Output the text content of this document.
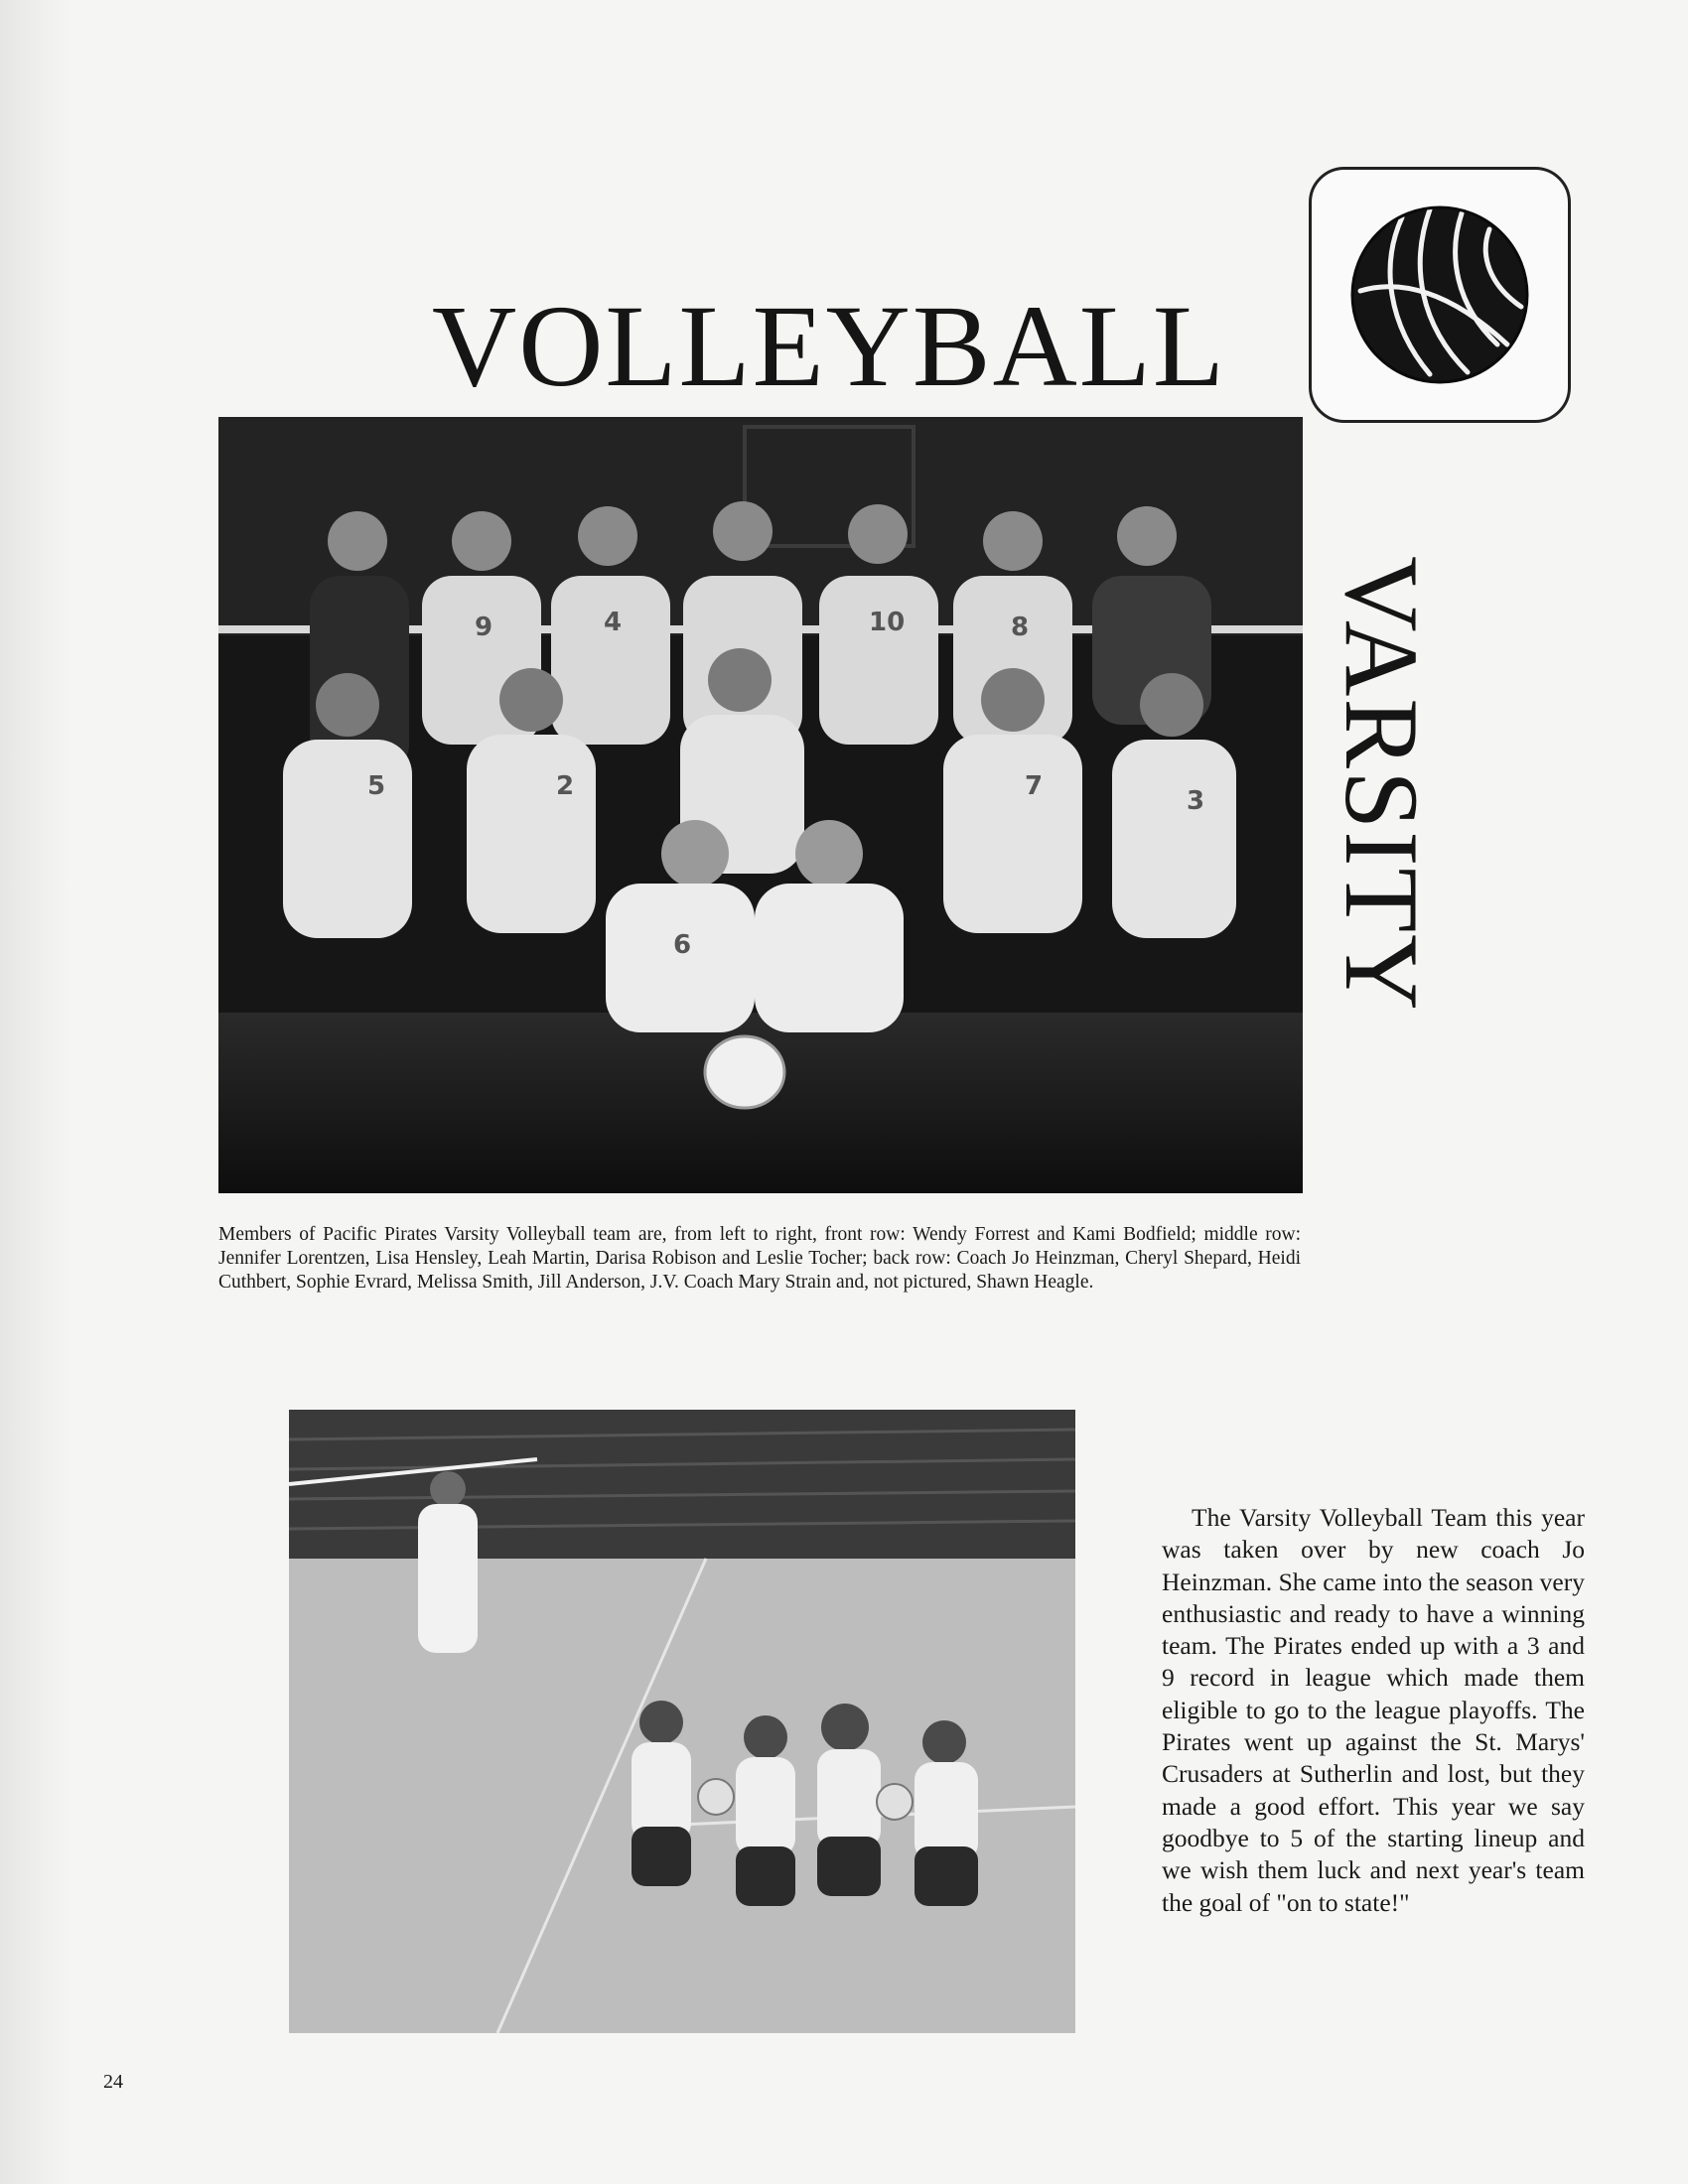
VOLLEYBALL
VARSITY
9	4	10	8
5	2	7	3
6

Members of Pacific Pirates Varsity Volleyball team are, from left to right, front row: Wendy Forrest and Kami Bodfield; middle row: Jennifer Lorentzen, Lisa Hensley, Leah Martin, Darisa Robison and Leslie Tocher; back row: Coach Jo Heinzman, Cheryl Shepard, Heidi Cuthbert, Sophie Evrard, Melissa Smith, Jill Anderson, J.V. Coach Mary Strain and, not pictured, Shawn Heagle.

The Varsity Volleyball Team this year was taken over by new coach Jo Heinzman. She came into the season very enthusiastic and ready to have a winning team. The Pirates ended up with a 3 and 9 record in league which made them eligible to go to the league playoffs. The Pirates went up against the St. Marys' Crusaders at Sutherlin and lost, but they made a good effort. This year we say goodbye to 5 of the starting lineup and we wish them luck and next year's team the goal of "on to state!"

24
